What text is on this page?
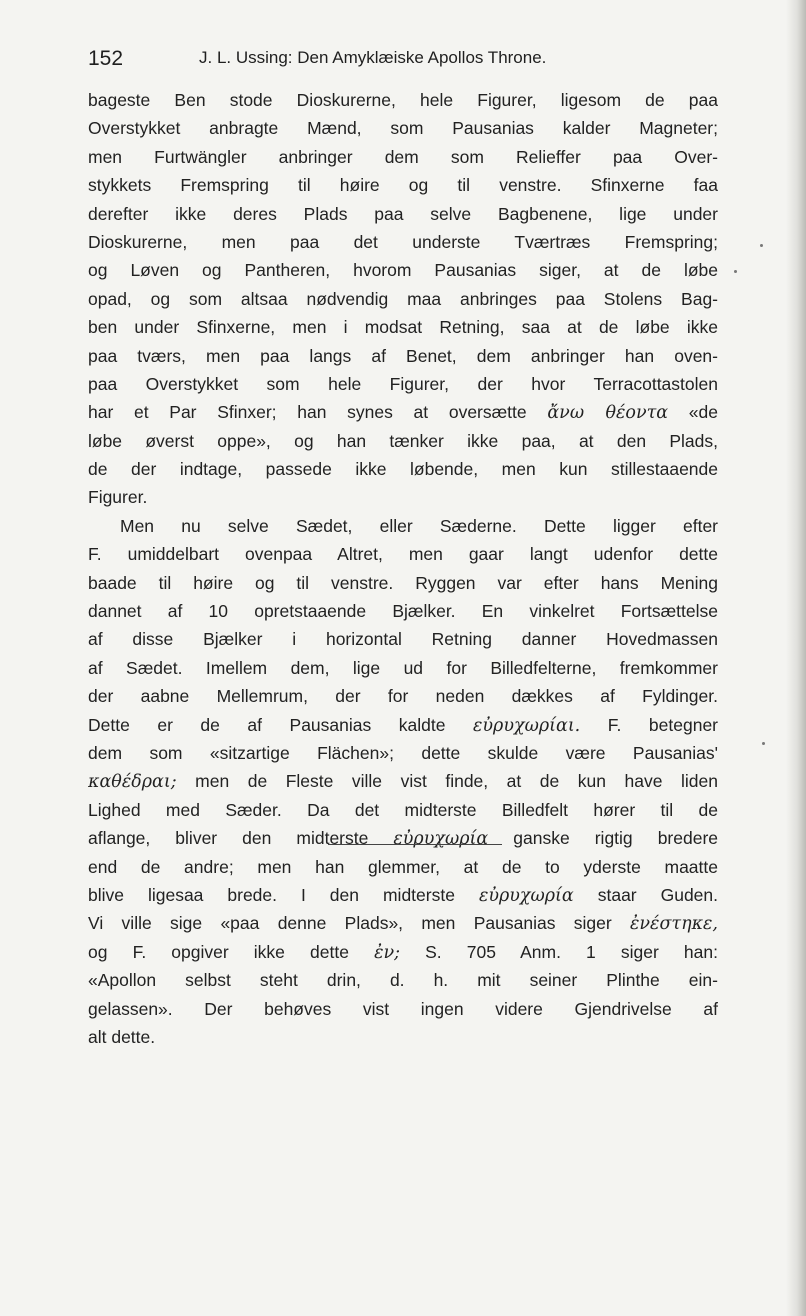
152	J. L. Ussing: Den Amyklæiske Apollos Throne.
bageste Ben stode Dioskurerne, hele Figurer, ligesom de paa
Overstykket anbragte Mænd, som Pausanias kalder Magneter;
men Furtwängler anbringer dem som Relieffer paa Over-
stykkets Fremspring til høire og til venstre. Sfinxerne faa
derefter ikke deres Plads paa selve Bagbenene, lige under
Dioskurerne, men paa det underste Tværtræs Fremspring;
og Løven og Pantheren, hvorom Pausanias siger, at de løbe
opad, og som altsaa nødvendig maa anbringes paa Stolens Bag-
ben under Sfinxerne, men i modsat Retning, saa at de løbe ikke
paa tværs, men paa langs af Benet, dem anbringer han oven-
paa Overstykket som hele Figurer, der hvor Terracottastolen
har et Par Sfinxer; han synes at oversætte ἄνω θέοντα «de
løbe øverst oppe», og han tænker ikke paa, at den Plads,
de der indtage, passede ikke løbende, men kun stillestaaende
Figurer.
Men nu selve Sædet, eller Sæderne. Dette ligger efter
F. umiddelbart ovenpaa Altret, men gaar langt udenfor dette
baade til høire og til venstre. Ryggen var efter hans Mening
dannet af 10 opretstaaende Bjælker. En vinkelret Fortsættelse
af disse Bjælker i horizontal Retning danner Hovedmassen
af Sædet. Imellem dem, lige ud for Billedfelterne, fremkommer
der aabne Mellemrum, der for neden dækkes af Fyldinger.
Dette er de af Pausanias kaldte εὐρυχωρίαι. F. betegner
dem som «sitzartige Flächen»; dette skulde være Pausanias'
καθέδραι; men de Fleste ville vist finde, at de kun have liden
Lighed med Sæder. Da det midterste Billedfelt hører til de
aflange, bliver den midterste εὐρυχωρία ganske rigtig bredere
end de andre; men han glemmer, at de to yderste maatte
blive ligesaa brede. I den midterste εὐρυχωρία staar Guden.
Vi ville sige «paa denne Plads», men Pausanias siger ἐνέστηκε,
og F. opgiver ikke dette ἐν; S. 705 Anm. 1 siger han:
«Apollon selbst steht drin, d. h. mit seiner Plinthe ein-
gelassen». Der behøves vist ingen videre Gjendrivelse af
alt dette.
